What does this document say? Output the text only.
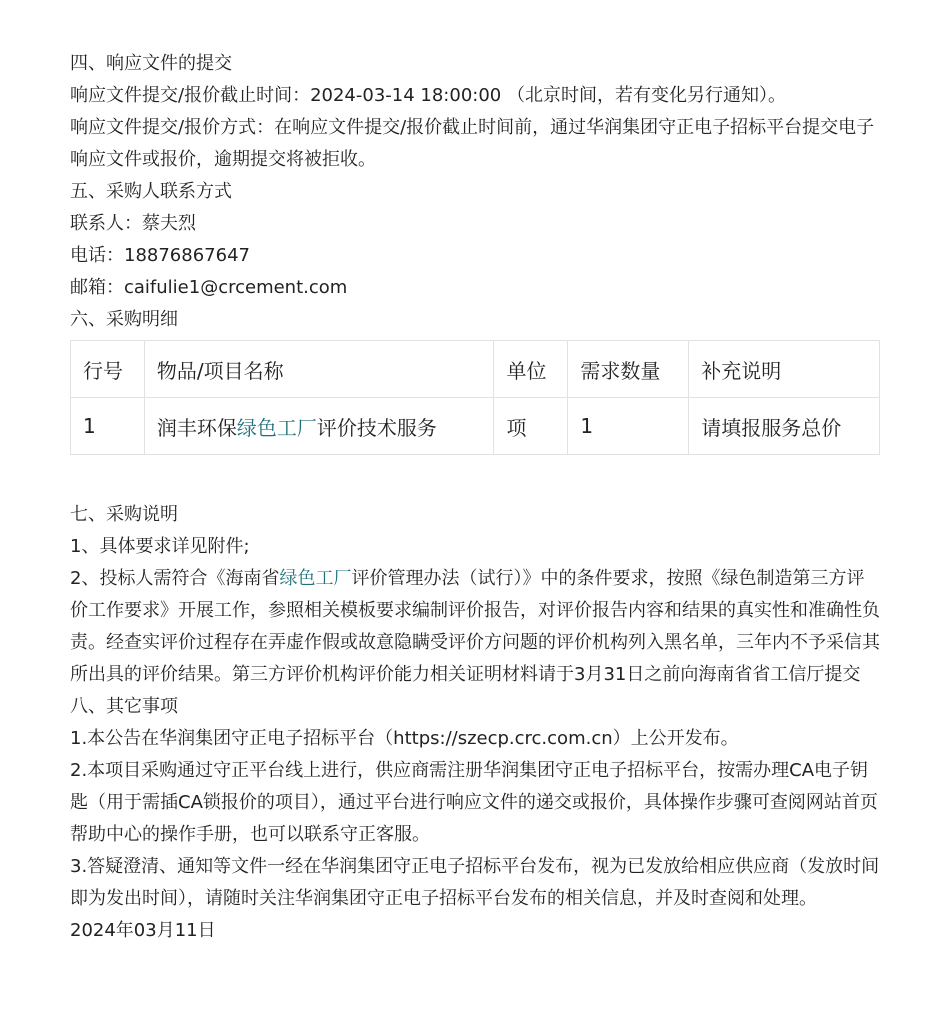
四、响应文件的提交

响应文件提交/报价截止时间：2024-03-14 18:00:00 （北京时间，若有变化另行通知）。

响应文件提交/报价方式：在响应文件提交/报价截止时间前，通过华润集团守正电子招标平台提交电子响应文件或报价，逾期提交将被拒收。

五、采购人联系方式

联系人：蔡夫烈

电话：18876867647

邮箱：caifulie1@crcement.com

六、采购明细

行号	物品/项目名称	单位	需求数量	补充说明
1	润丰环保绿色工厂评价技术服务	项	1	请填报服务总价

七、采购说明

1、具体要求详见附件;

2、投标人需符合《海南省绿色工厂评价管理办法（试行）》中的条件要求，按照《绿色制造第三方评价工作要求》开展工作，参照相关模板要求编制评价报告，对评价报告内容和结果的真实性和准确性负责。经查实评价过程存在弄虚作假或故意隐瞒受评价方问题的评价机构列入黑名单，三年内不予采信其所出具的评价结果。第三方评价机构评价能力相关证明材料请于3月31日之前向海南省省工信厅提交

八、其它事项

1.本公告在华润集团守正电子招标平台（https://szecp.crc.com.cn）上公开发布。

2.本项目采购通过守正平台线上进行，供应商需注册华润集团守正电子招标平台，按需办理CA电子钥匙（用于需插CA锁报价的项目），通过平台进行响应文件的递交或报价，具体操作步骤可查阅网站首页帮助中心的操作手册，也可以联系守正客服。

3.答疑澄清、通知等文件一经在华润集团守正电子招标平台发布，视为已发放给相应供应商（发放时间即为发出时间），请随时关注华润集团守正电子招标平台发布的相关信息，并及时查阅和处理。

2024年03月11日
